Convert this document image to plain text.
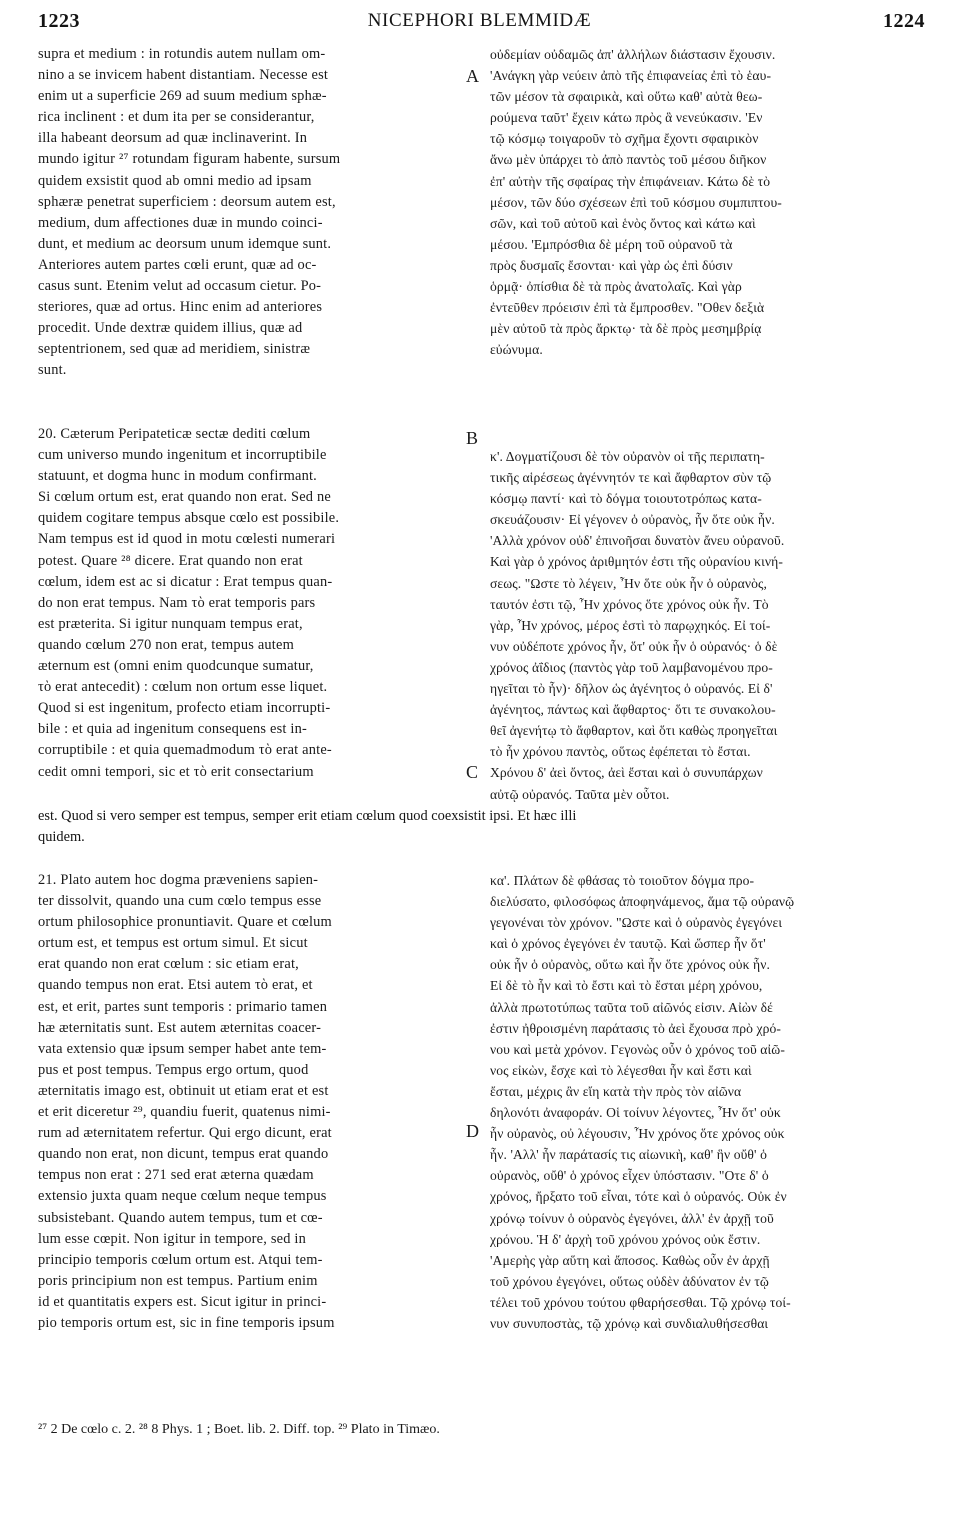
1223	NICEPHORI BLEMMIDÆ	1224
supra et medium : in rotundis autem nullam om-
nino a se invicem habent distantiam. Necesse est
enim ut a superficie 269 ad suum medium sphæ-
rica inclinent : et dum ita per se considerantur,
illa habeant deorsum ad quæ inclinaverint. In
mundo igitur ²⁷ rotundam figuram habente, sursum
quidem exsistit quod ab omni medio ad ipsam
sphæræ penetrat superficiem : deorsum autem est,
medium, dum affectiones duæ in mundo coinci-
dunt, et medium ac deorsum unum idemque sunt.
Anteriores autem partes cœli erunt, quæ ad oc-
casus sunt. Etenim velut ad occasum cietur. Po-
steriores, quæ ad ortus. Hinc enim ad anteriores
procedit. Unde dextræ quidem illius, quæ ad
septentrionem, sed quæ ad meridiem, sinistræ
sunt.
20. Cæterum Peripateticæ sectæ dediti cœlum
cum universo mundo ingenitum et incorruptibile
statuunt, et dogma hunc in modum confirmant.
Si cœlum ortum est, erat quando non erat. Sed ne
quidem cogitare tempus absque cœlo est possibile.
Nam tempus est id quod in motu cœlesti numerari
potest. Quare ²⁸ dicere. Erat quando non erat
cœlum, idem est ac si dicatur : Erat tempus quan-
do non erat tempus. Nam τὸ erat temporis pars
est præterita. Si igitur nunquam tempus erat,
quando cœlum 270 non erat, tempus autem
æternum est (omni enim quodcunque sumatur,
τὸ erat antecedit) : cœlum non ortum esse liquet.
Quod si est ingenitum, profecto etiam incorrupti-
bile : et quia ad ingenitum consequens est in-
corruptibile : et quia quemadmodum τὸ erat ante-
cedit omni tempori, sic et τὸ erit consectarium
est. Quod si vero semper est tempus, semper erit etiam cœlum quod coexsistit ipsi. Et hæc illi
quidem.
21. Plato autem hoc dogma præveniens sapien-
ter dissolvit, quando una cum cœlo tempus esse
ortum philosophice pronuntiavit. Quare et cœlum
ortum est, et tempus est ortum simul. Et sicut
erat quando non erat cœlum : sic etiam erat,
quando tempus non erat. Etsi autem τὸ erat, et
est, et erit, partes sunt temporis : primario tamen
hæ æternitatis sunt. Est autem æternitas coacer-
vata extensio quæ ipsum semper habet ante tem-
pus et post tempus. Tempus ergo ortum, quod
æternitatis imago est, obtinuit ut etiam erat et est
et erit diceretur ²⁹, quandiu fuerit, quatenus nimi-
rum ad æternitatem refertur. Qui ergo dicunt, erat
quando non erat, non dicunt, tempus erat quando
tempus non erat : 271 sed erat æterna quædam
extensio juxta quam neque cœlum neque tempus
subsistebant. Quando autem tempus, tum et cœ-
lum esse cœpit. Non igitur in tempore, sed in
principio temporis cœlum ortum est. Atqui tem-
poris principium non est tempus. Partium enim
id et quantitatis expers est. Sicut igitur in princi-
pio temporis ortum est, sic in fine temporis ipsum
A
B
C
D
οὐδεμίαν οὐδαμῶς ἀπ' ἀλλήλων διάστασιν ἔχουσιν.
'Ανάγκη γὰρ νεύειν ἀπὸ τῆς ἐπιφανείας ἐπὶ τὸ ἑαυ-
τῶν μέσον τὰ σφαιρικὰ, καὶ οὕτω καθ' αὑτὰ θεω-
ρούμενα ταῦτ' ἔχειν κάτω πρὸς ἃ νενεύκασιν. 'Εν
τῷ κόσμῳ τοιγαροῦν τὸ σχῆμα ἔχοντι σφαιρικὸν
ἄνω μὲν ὑπάρχει τὸ ἀπὸ παντὸς τοῦ μέσου διῆκον
ἐπ' αὐτὴν τῆς σφαίρας τὴν ἐπιφάνειαν. Κάτω δὲ τὸ
μέσον, τῶν δύο σχέσεων ἐπὶ τοῦ κόσμου συμπιπτου-
σῶν, καὶ τοῦ αὐτοῦ καὶ ἑνὸς ὄντος καὶ κάτω καὶ
μέσου. 'Εμπρόσθια δὲ μέρη τοῦ οὐρανοῦ τὰ
πρὸς δυσμαῖς ἔσονται· καὶ γὰρ ὡς ἐπὶ δύσιν
ὁρμᾷ· ὀπίσθια δὲ τὰ πρὸς ἀνατολαῖς. Καὶ γὰρ
ἐντεῦθεν πρόεισιν ἐπὶ τὰ ἔμπροσθεν. "Οθεν δεξιὰ
μὲν αὐτοῦ τὰ πρὸς ἄρκτῳ· τὰ δὲ πρὸς μεσημβρίᾳ
εὐώνυμα.
κ'. Δογματίζουσι δὲ τὸν οὐρανὸν οἱ τῆς περιπατη-
τικῆς αἱρέσεως ἀγέννητόν τε καὶ ἄφθαρτον σὺν τῷ
κόσμῳ παντί· καὶ τὸ δόγμα τοιουτοτρόπως κατα-
σκευάζουσιν· Εἰ γέγονεν ὁ οὐρανὸς, ἦν ὅτε οὐκ ἦν.
'Αλλὰ χρόνον οὐδ' ἐπινοῆσαι δυνατὸν ἄνευ οὐρανοῦ.
Καὶ γὰρ ὁ χρόνος ἀριθμητόν ἐστι τῆς οὐρανίου κινή-
σεως. "Ωστε τὸ λέγειν, Ἦν ὅτε οὐκ ἦν ὁ οὐρανὸς,
ταυτόν ἐστι τῷ, Ἦν χρόνος ὅτε χρόνος οὐκ ἦν. Τὸ
γὰρ, Ἦν χρόνος, μέρος ἐστὶ τὸ παρῳχηκός. Εἰ τοί-
νυν οὐδέποτε χρόνος ἦν, ὅτ' οὐκ ἦν ὁ οὐρανός· ὁ δὲ
χρόνος ἀΐδιος (παντὸς γὰρ τοῦ λαμβανομένου προ-
ηγεῖται τὸ ἦν)· δῆλον ὡς ἀγένητος ὁ οὐρανός. Εἰ δ'
ἀγένητος, πάντως καὶ ἄφθαρτος· ὅτι τε συνακολου-
θεῖ ἀγενήτῳ τὸ ἄφθαρτον, καὶ ὅτι καθὼς προηγεῖται
τὸ ἦν χρόνου παντὸς, οὕτως ἐφέπεται τὸ ἔσται.
Χρόνου δ' ἀεὶ ὄντος, ἀεὶ ἔσται καὶ ὁ συνυπάρχων
αὐτῷ οὐρανός. Ταῦτα μὲν οὗτοι.
κα'. Πλάτων δὲ φθάσας τὸ τοιοῦτον δόγμα προ-
διελύσατο, φιλοσόφως ἀποφηνάμενος, ἅμα τῷ οὐρανῷ
γεγονέναι τὸν χρόνον. "Ωστε καὶ ὁ οὐρανὸς ἐγεγόνει
καὶ ὁ χρόνος ἐγεγόνει ἐν ταυτῷ. Καὶ ὥσπερ ἦν ὅτ'
οὐκ ἦν ὁ οὐρανὸς, οὕτω καὶ ἦν ὅτε χρόνος οὐκ ἦν.
Εἰ δὲ τὸ ἦν καὶ τὸ ἔστι καὶ τὸ ἔσται μέρη χρόνου,
ἀλλὰ πρωτοτύπως ταῦτα τοῦ αἰῶνός εἰσιν. Αἰὼν δέ
ἐστιν ἠθροισμένη παράτασις τὸ ἀεὶ ἔχουσα πρὸ χρό-
νου καὶ μετὰ χρόνον. Γεγονὼς οὖν ὁ χρόνος τοῦ αἰῶ-
νος εἰκὼν, ἔσχε καὶ τὸ λέγεσθαι ἦν καὶ ἔστι καὶ
ἔσται, μέχρις ἂν εἴη κατὰ τὴν πρὸς τὸν αἰῶνα
δηλονότι ἀναφοράν. Οἱ τοίνυν λέγοντες, Ἦν ὅτ' οὐκ
ἦν οὐρανὸς, οὐ λέγουσιν, Ἦν χρόνος ὅτε χρόνος οὐκ
ἦν. 'Αλλ' ἦν παράτασίς τις αἰωνικὴ, καθ' ἣν οὔθ' ὁ
οὐρανὸς, οὔθ' ὁ χρόνος εἶχεν ὑπόστασιν. "Οτε δ' ὁ
χρόνος, ἤρξατο τοῦ εἶναι, τότε καὶ ὁ οὐρανός. Οὐκ ἐν
χρόνῳ τοίνυν ὁ οὐρανὸς ἐγεγόνει, ἀλλ' ἐν ἀρχῇ τοῦ
χρόνου. Ἡ δ' ἀρχὴ τοῦ χρόνου χρόνος οὐκ ἔστιν.
'Αμερὴς γὰρ αὕτη καὶ ἄποσος. Καθὼς οὖν ἐν ἀρχῇ
τοῦ χρόνου ἐγεγόνει, οὕτως οὐδὲν ἀδύνατον ἐν τῷ
τέλει τοῦ χρόνου τούτου φθαρήσεσθαι. Τῷ χρόνῳ τοί-
νυν συνυποστὰς, τῷ χρόνῳ καὶ συνδιαλυθήσεσθαι
²⁷ 2 De cœlo c. 2. ²⁸ 8 Phys. 1 ; Boet. lib. 2. Diff. top. ²⁹ Plato in Timæo.
